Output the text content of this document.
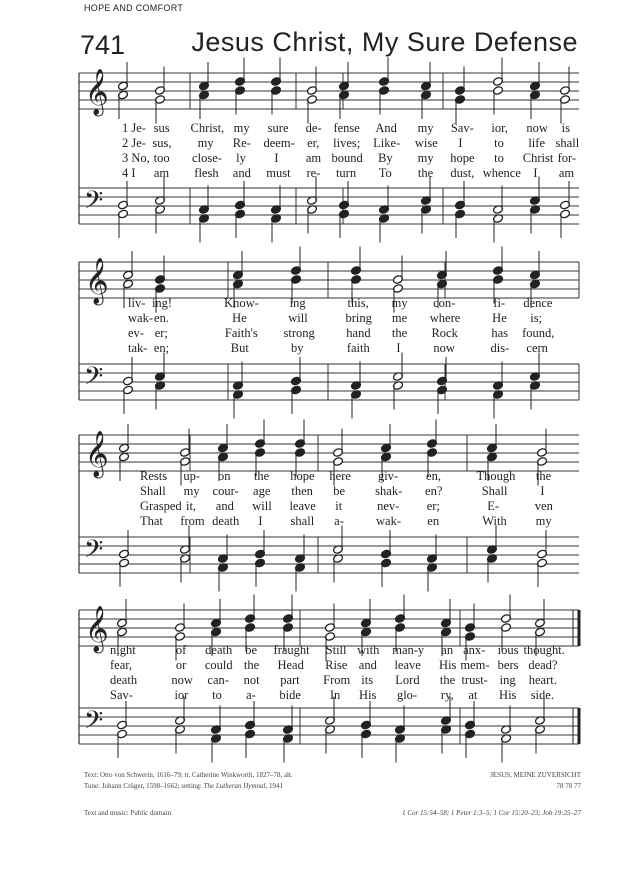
HOPE AND COMFORT
741 Jesus Christ, My Sure Defense
𝄞
𝄢
𝄞
𝄢
𝄞
𝄢
𝄞
𝄢
1 Je- sus Christ, my sure de- fense And my Sav- ior, now is
2 Je- sus, my Re- deem- er, lives; Like- wise I	to life shall
3 No, too close- ly I am bound By my hope to Christ for-
4 I am flesh and must re- turn To the dust, whence I am
liv- ing!	Know- ing	this, my con-	fi- dence
wak- en.	He	will	bring me where	He is;
ev- er;	Faith's strong	hand the Rock	has found,
tak- en;	But	by	faith I	now	dis- cern
Rests up- on the hope here giv- en,	Though the
Shall my cour- age then be shak- en?	Shall	I
Grasped it, and will leave it	nev- er;	E-	ven
That from death I shall a-	wak- en	With my
night	of death be fraught Still with man-y an anx- ious thought.
fear,	or could the Head Rise and leave His mem- bers dead?
death	now can- not part From its Lord the trust- ing heart.
Sav-	ior to a- bide In His glo- ry, at His side.
Text: Otto von Schwerin, 1616–79; tr. Catherine Winkworth, 1827–78, alt.
Tune: Johann Crüger, 1598–1662; setting: The Lutheran Hymnal, 1941
Text and music: Public domain
JESUS, MEINE ZUVERSICHT
78 78 77
1 Cor 15:54–58; 1 Peter 1:3–5; 1 Cor 15:20–23; Job 19:25–27
